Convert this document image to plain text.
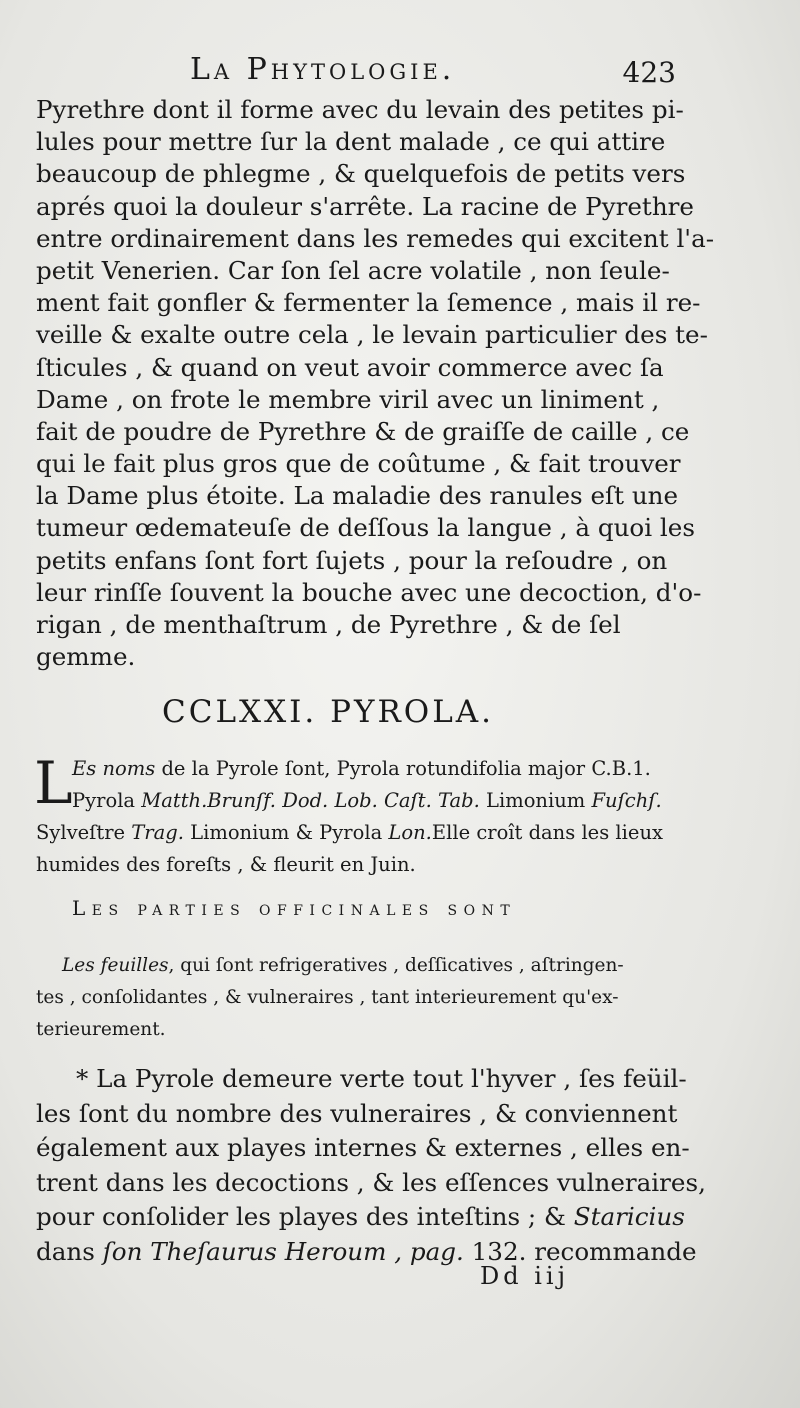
La Phytologie.	423
Pyrethre dont il forme avec du levain des petites pi-
lules pour mettre ſur la dent malade , ce qui attire
beaucoup de phlegme , & quelquefois de petits vers
aprés quoi la douleur s'arrête. La racine de Pyrethre
entre ordinairement dans les remedes qui excitent l'a-
petit Venerien. Car ſon ſel acre volatile , non ſeule-
ment fait gonfler & fermenter la ſemence , mais il re-
veille & exalte outre cela , le levain particulier des te-
ſticules , & quand on veut avoir commerce avec ſa
Dame , on frote le membre viril avec un liniment ,
fait de poudre de Pyrethre & de graiſſe de caille , ce
qui le fait plus gros que de coûtume , & fait trouver
la Dame plus étoite. La maladie des ranules eſt une
tumeur œdemateuſe de deſſous la langue , à quoi les
petits enfans ſont fort ſujets , pour la reſoudre , on
leur rinſſe ſouvent la bouche avec une decoction, d'o-
rigan , de menthaſtrum , de Pyrethre , & de ſel
gemme.
CCLXXI. PYROLA.
L Es noms de la Pyrole ſont, Pyrola rotundifolia major C.B.1.
Pyrola Matth.Brunſf. Dod. Lob. Caſt. Tab. Limonium Fuſchſ.
Sylveſtre Trag. Limonium & Pyrola Lon.Elle croît dans les lieux
humides des foreſts , & fleurit en Juin.
Les parties officinales sont
Les feuilles, qui ſont refrigeratives , deſſicatives , aſtringen-
tes , conſolidantes , & vulneraires , tant interieurement qu'ex-
terieurement.
* La Pyrole demeure verte tout l'hyver , ſes feüil-
les ſont du nombre des vulneraires , & conviennent
également aux playes internes & externes , elles en-
trent dans les decoctions , & les eſſences vulneraires,
pour conſolider les playes des inteſtins ; & Staricius
dans ſon Theſaurus Heroum , pag. 132. recommande
Dd iij
